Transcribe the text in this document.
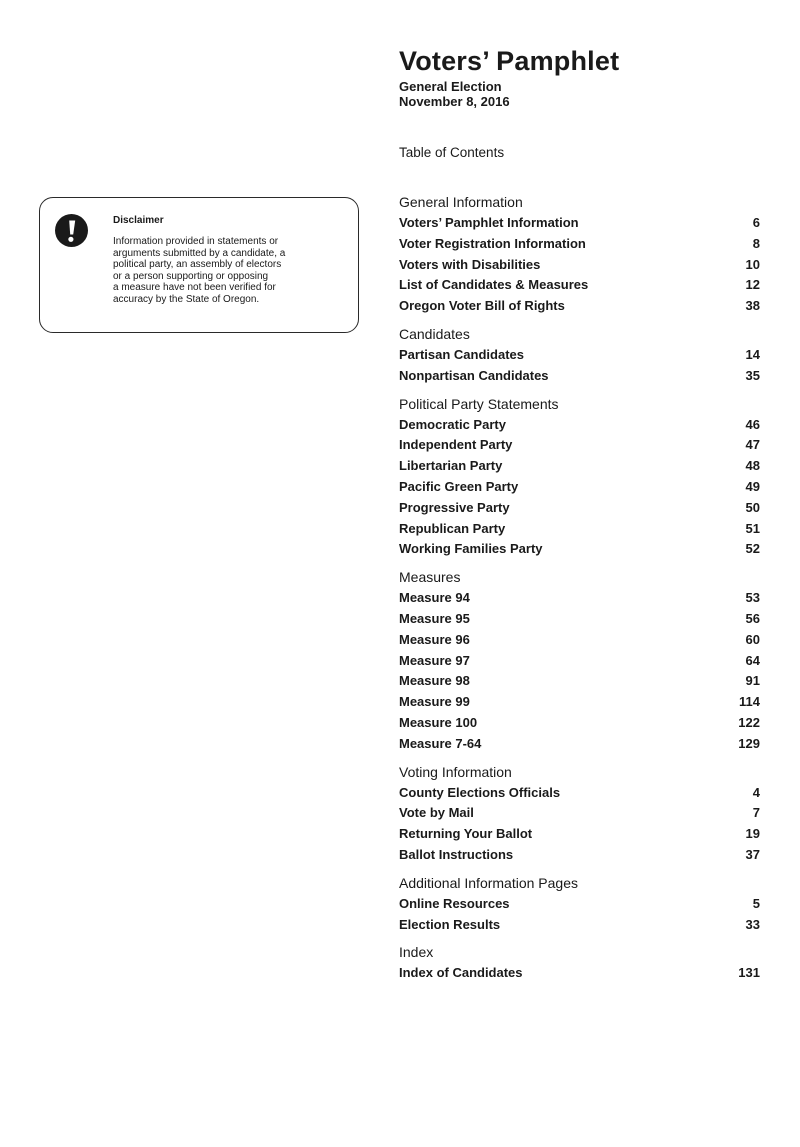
Disclaimer
Information provided in statements or
arguments submitted by a candidate, a
political party, an assembly of electors
or a person supporting or opposing
a measure have not been verified for
accuracy by the State of Oregon.
Voters’ Pamphlet
General Election
November 8, 2016
Table of Contents
General Information
Voters’ Pamphlet Information	6
Voter Registration Information	8
Voters with Disabilities	10
List of Candidates & Measures	12
Oregon Voter Bill of Rights	38
Candidates
Partisan Candidates	14
Nonpartisan Candidates	35
Political Party Statements
Democratic Party	46
Independent Party	47
Libertarian Party	48
Pacific Green Party	49
Progressive Party	50
Republican Party	51
Working Families Party	52
Measures
Measure 94	53
Measure 95	56
Measure 96	60
Measure 97	64
Measure 98	91
Measure 99	114
Measure 100	122
Measure 7-64	129
Voting Information
County Elections Officials	4
Vote by Mail	7
Returning Your Ballot	19
Ballot Instructions	37
Additional Information Pages
Online Resources	5
Election Results	33
Index
Index of Candidates	131
